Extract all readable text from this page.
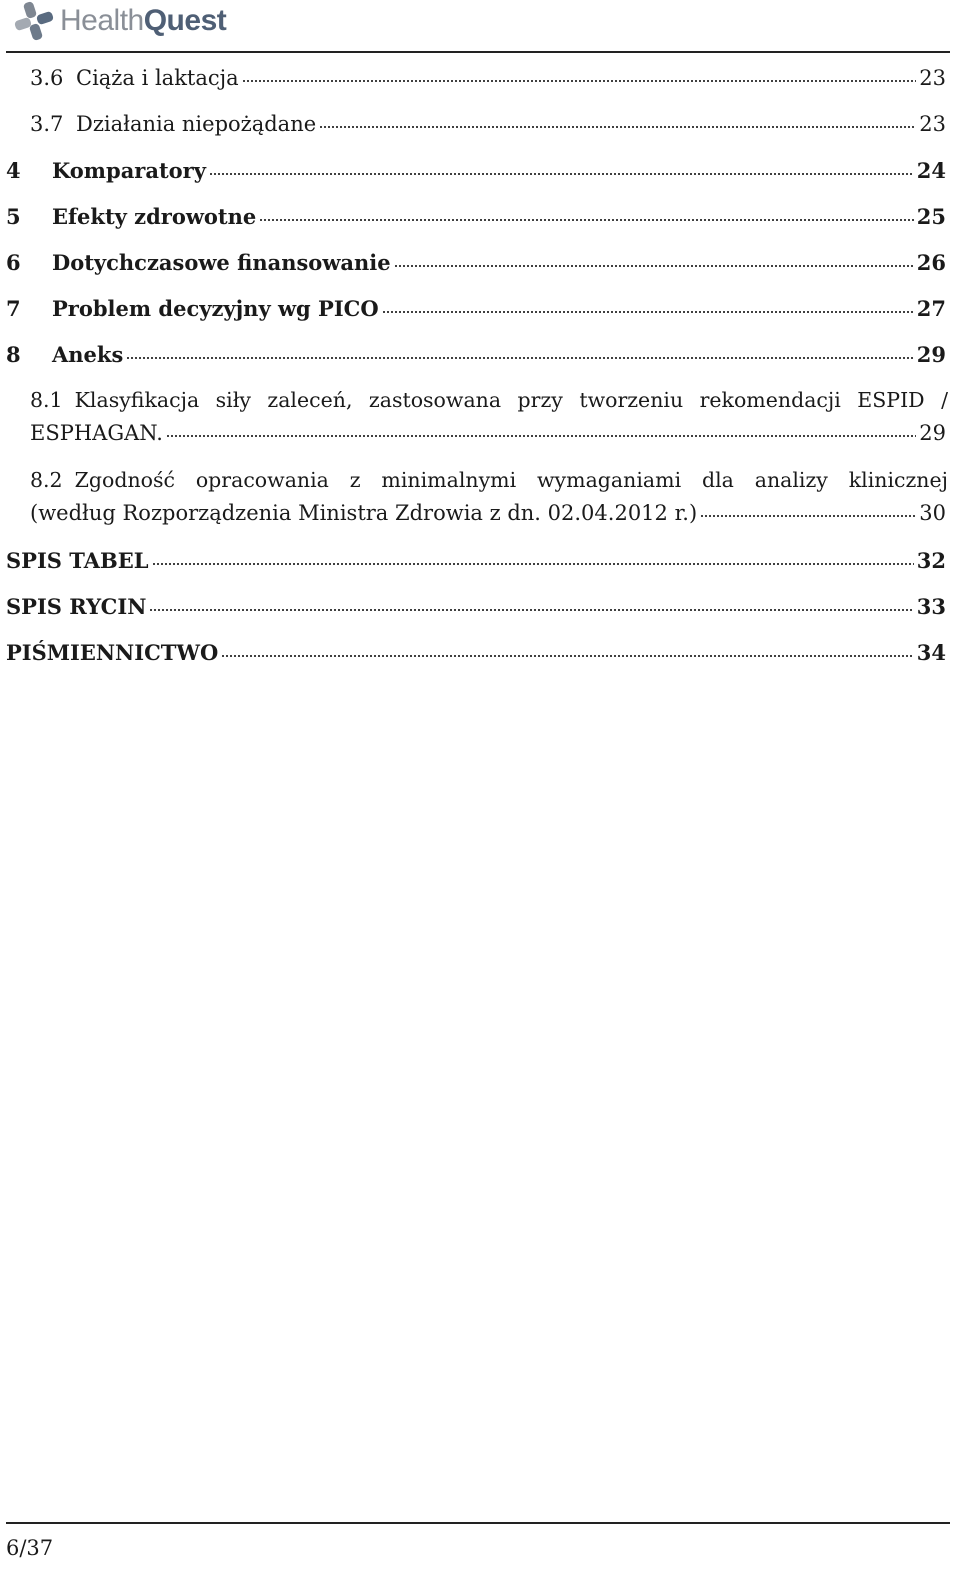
HealthQuest
3.6 Ciąża i laktacja	23
3.7 Działania niepożądane	23
4	Komparatory	24
5	Efekty zdrowotne	25
6	Dotychczasowe finansowanie	26
7	Problem decyzyjny wg PICO	27
8	Aneks	29
8.1 Klasyfikacja siły zaleceń, zastosowana przy tworzeniu rekomendacji ESPID /
ESPHAGAN.	29
8.2 Zgodność opracowania z minimalnymi wymaganiami dla analizy klinicznej
(według Rozporządzenia Ministra Zdrowia z dn. 02.04.2012 r.)	30
SPIS TABEL	32
SPIS RYCIN	33
PIŚMIENNICTWO	34
6/37
